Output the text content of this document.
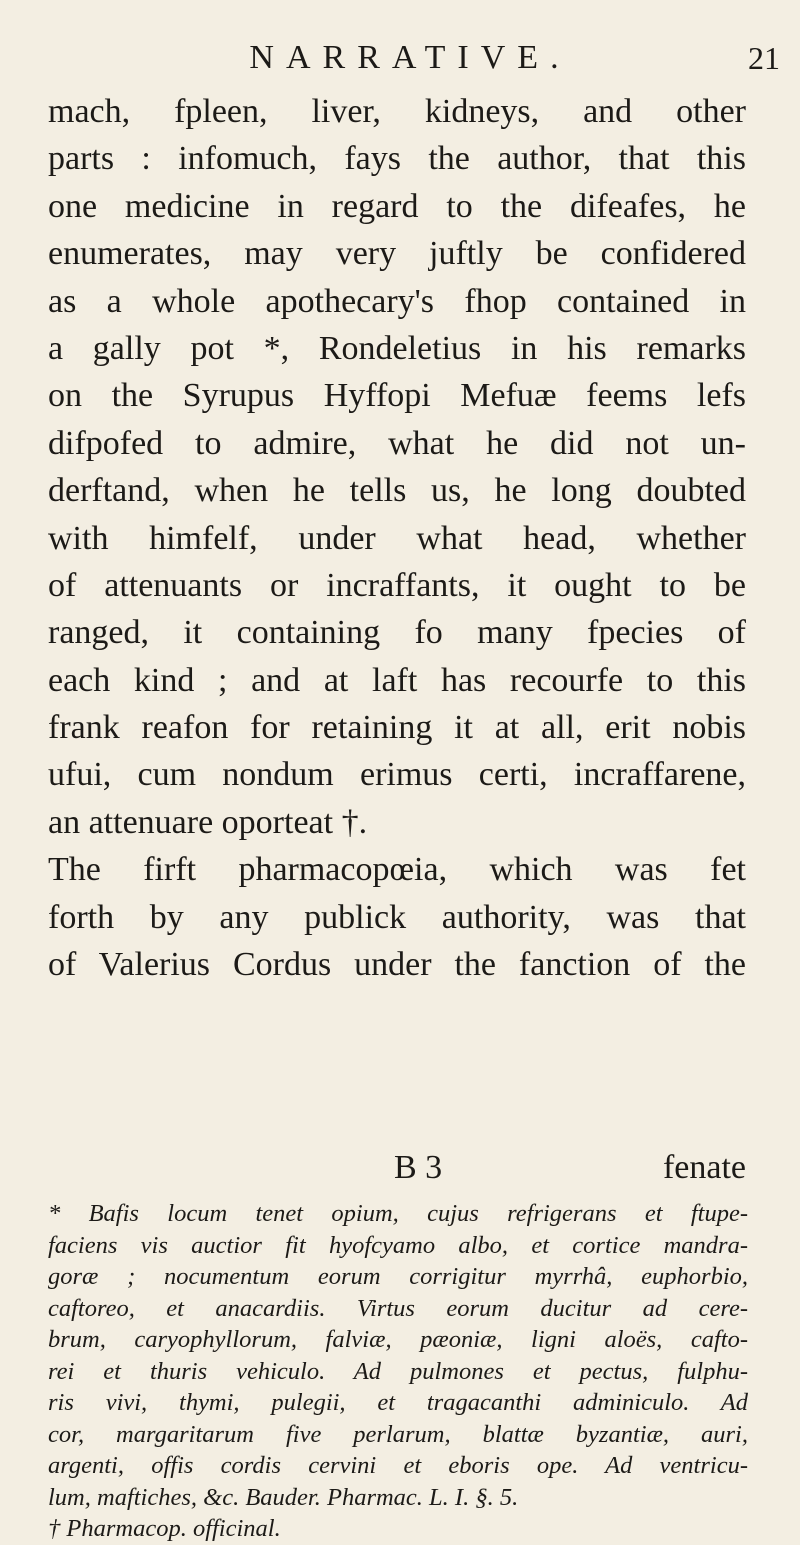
NARRATIVE.	21
mach, fpleen, liver, kidneys, and other
parts : infomuch, fays the author, that this
one medicine in regard to the difeafes, he
enumerates, may very juftly be confidered
as a whole apothecary's fhop contained in
a gally pot *, Rondeletius in his remarks
on the Syrupus Hyffopi Mefuæ feems lefs
difpofed to admire, what he did not un-
derftand, when he tells us, he long doubted
with himfelf, under what head, whether
of attenuants or incraffants, it ought to be
ranged, it containing fo many fpecies of
each kind ; and at laft has recourfe to this
frank reafon for retaining it at all, erit nobis
ufui, cum nondum erimus certi, incraffarene,
an attenuare oporteat †.
The firft pharmacopœia, which was fet
forth by any publick authority, was that
of Valerius Cordus under the fanction of the
B 3	fenate
* Bafis locum tenet opium, cujus refrigerans et ftupe-
faciens vis auctior fit hyofcyamo albo, et cortice mandra-
goræ ; nocumentum eorum corrigitur myrrhâ, euphorbio,
caftoreo, et anacardiis. Virtus eorum ducitur ad cere-
brum, caryophyllorum, falviæ, pæoniæ, ligni aloës, cafto-
rei et thuris vehiculo. Ad pulmones et pectus, fulphu-
ris vivi, thymi, pulegii, et tragacanthi adminiculo. Ad
cor, margaritarum five perlarum, blattæ byzantiæ, auri,
argenti, offis cordis cervini et eboris ope. Ad ventricu-
lum, maftiches, &c. Bauder. Pharmac. L. I. §. 5.
† Pharmacop. officinal.
